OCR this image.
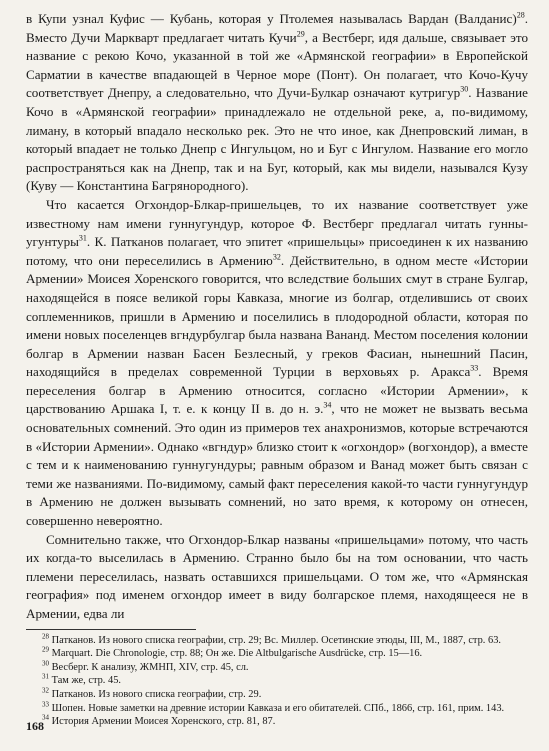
в Купи узнал Куфис — Кубань, которая у Птолемея называлась Вардан (Валданис)$^{28}$. Вместо Дучи Маркварт предлагает читать Кучи$^{29}$, а Вестберг, идя дальше, связывает это название с рекою Кочо, указанной в той же «Армянской географии» в Европейской Сарматии в качестве впадающей в Черное море (Понт). Он полагает, что Кочо-Кучу соответствует Днепру, а следовательно, что Дучи-Булкар означают кутригур$^{30}$. Название Кочо в «Армянской географии» принадлежало не отдельной реке, а, по-видимому, лиману, в который впадало несколько рек. Это не что иное, как Днепровский лиман, в который впадает не только Днепр с Ингульцом, но и Буг с Ингулом. Название его могло распространяться как на Днепр, так и на Буг, который, как мы видели, назывался Кузу (Куву — Константина Багрянородного).

Что касается Огхондор-Блкар-пришельцев, то их название соответствует уже известному нам имени гуннугундур, которое Ф. Вестберг предлагал читать гунны-угунтуры$^{31}$. К. Патканов полагает, что эпитет «пришельцы» присоединен к их названию потому, что они переселились в Армению$^{32}$. Действительно, в одном месте «Истории Армении» Моисея Хоренского говорится, что вследствие больших смут в стране Булгар, находящейся в поясе великой горы Кавказа, многие из болгар, отделившись от своих соплеменников, пришли в Армению и поселились в плодородной области, которая по имени новых поселенцев вгндурбулгар была названа Вананд. Местом поселения колонии болгар в Армении назван Басен Безлесный, у греков Фасиан, нынешний Пасин, находящийся в пределах современной Турции в верховьях р. Аракса$^{33}$. Время переселения болгар в Армению относится, согласно «Истории Армении», к царствованию Аршака I, т. е. к концу II в. до н. э.$^{34}$, что не может не вызвать весьма основательных сомнений. Это один из примеров тех анахронизмов, которые встречаются в «Истории Армении». Однако «вгндур» близко стоит к «огхондор» (вогхондор), а вместе с тем и к наименованию гуннугундуры; равным образом и Ванад может быть связан с теми же названиями. По-видимому, самый факт переселения какой-то части гуннугундур в Армению не должен вызывать сомнений, но зато время, к которому он отнесен, совершенно невероятно.

Сомнительно также, что Огхондор-Блкар названы «пришельцами» потому, что часть их когда-то выселилась в Армению. Странно было бы на том основании, что часть племени переселилась, назвать оставшихся пришельцами. О том же, что «Армянская география» под именем огхондор имеет в виду болгарское племя, находящееся не в Армении, едва ли

$^{28}$ Патканов. Из нового списка географии, стр. 29; Вс. Миллер. Осетинские этюды, III, М., 1887, стр. 63.

$^{29}$ Marquart. Die Chronologie, стр. 88; Он же. Die Altbulgarische Ausdrücke, стр. 15—16.

$^{30}$ Весберг. К анализу, ЖМНП, XIV, стр. 45, сл.

$^{31}$ Там же, стр. 45.

$^{32}$ Патканов. Из нового списка географии, стр. 29.

$^{33}$ Шопен. Новые заметки на древние истории Кавказа и его обитателей. СПб., 1866, стр. 161, прим. 143.

$^{34}$ История Армении Моисея Хоренского, стр. 81, 87.

168
